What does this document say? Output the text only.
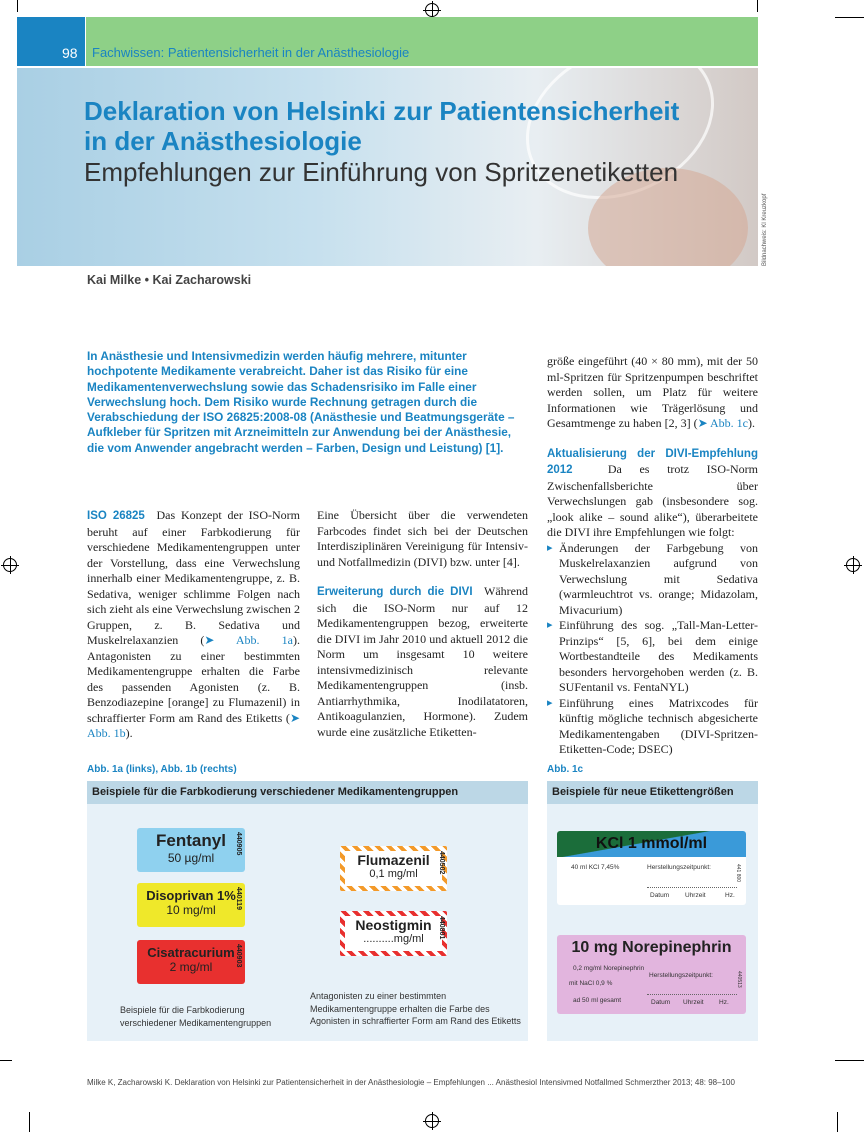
98 Fachwissen: Patientensicherheit in der Anästhesiologie
Deklaration von Helsinki zur Patientensicherheit in der Anästhesiologie
Empfehlungen zur Einführung von Spritzenetiketten
Bildnachweis: Kl Kreuzkopf
Kai Milke • Kai Zacharowski
In Anästhesie und Intensivmedizin werden häufig mehrere, mitunter hochpotente Medikamente verabreicht. Daher ist das Risiko für eine Medikamentenverwechslung sowie das Schadensrisiko im Falle einer Verwechslung hoch. Dem Risiko wurde Rechnung getragen durch die Verabschiedung der ISO 26825:2008-08 (Anästhesie und Beatmungsgeräte – Aufkleber für Spritzen mit Arzneimitteln zur Anwendung bei der Anästhesie, die vom Anwender angebracht werden – Farben, Design und Leistung) [1].
ISO 26825 Das Konzept der ISO-Norm beruht auf einer Farbkodierung für verschiedene Medikamentengruppen unter der Vorstellung, dass eine Verwechslung innerhalb einer Medikamentengruppe, z. B. Sedativa, weniger schlimme Folgen nach sich zieht als eine Verwechslung zwischen 2 Gruppen, z. B. Sedativa und Muskelrelaxanzien (➤ Abb. 1a). Antagonisten zu einer bestimmten Medikamentengruppe erhalten die Farbe des passenden Agonisten (z. B. Benzodiazepine [orange] zu Flumazenil) in schraffierter Form am Rand des Etiketts (➤ Abb. 1b).
Eine Übersicht über die verwendeten Farbcodes findet sich bei der Deutschen Interdisziplinären Vereinigung für Intensiv- und Notfallmedizin (DIVI) bzw. unter [4].
Erweiterung durch die DIVI Während sich die ISO-Norm nur auf 12 Medikamentengruppen bezog, erweiterte die DIVI im Jahr 2010 und aktuell 2012 die Norm um insgesamt 10 weitere intensivmedizinisch relevante Medikamentengruppen (insb. Antiarrhythmika, Inodilatatoren, Antikoagulanzien, Hormone). Zudem wurde eine zusätzliche Etiketten-
größe eingeführt (40 × 80 mm), mit der 50 ml-Spritzen für Spritzenpumpen beschriftet werden sollen, um Platz für weitere Informationen wie Trägerlösung und Gesamtmenge zu haben [2, 3] (➤ Abb. 1c).
Aktualisierung der DIVI-Empfehlung 2012	Da es trotz ISO-Norm Zwischenfallsberichte über Verwechslungen gab (insbesondere sog. „look alike – sound alike“), überarbeitete die DIVI ihre Empfehlungen wie folgt:
▸ Änderungen der Farbgebung von Muskelrelaxanzien aufgrund von Verwechslung mit Sedativa (warmleuchtrot vs. orange; Midazolam, Mivacurium)
▸ Einführung des sog. „Tall-Man-Letter-Prinzips“ [5, 6], bei dem einige Wortbestandteile des Medikaments besonders hervorgehoben werden (z. B. SUFentanil vs. FentaNYL)
▸ Einführung eines Matrixcodes für künftig mögliche technisch abgesicherte Medikamentengaben (DIVI-Spritzen-Etiketten-Code; DSEC)
Abb. 1a (links), Abb. 1b (rechts)
Beispiele für die Farbkodierung verschiedener Medikamentengruppen
Fentanyl
50 µg/ml
440905
Disoprivan 1%
10 mg/ml
440119
Cisatracurium
2 mg/ml	440903
Flumazenil
0,1 mg/ml	440502
Neostigmin
..........mg/ml	440801
Beispiele für die Farbkodierung verschiedener Medikamentengruppen
Antagonisten zu einer bestimmten Medikamentengruppe erhalten die Farbe des Agonisten in schraffierter Form am Rand des Etiketts
Abb. 1c
Beispiele für neue Etikettengrößen
KCl 1 mmol/ml
40 ml KCl 7,45%	Herstellungszeitpunkt:
Datum Uhrzeit	Hz.
441 800
10 mg Norepinephrin
0,2 mg/ml Norepinephrin
mit NaCl 0,9 %
ad 50 ml gesamt
Herstellungszeitpunkt:
Datum Uhrzeit Hz.
440513
Milke K, Zacharowski K. Deklaration von Helsinki zur Patientensicherheit in der Anästhesiologie – Empfehlungen ... Anästhesiol Intensivmed Notfallmed Schmerzther 2013; 48: 98–100
